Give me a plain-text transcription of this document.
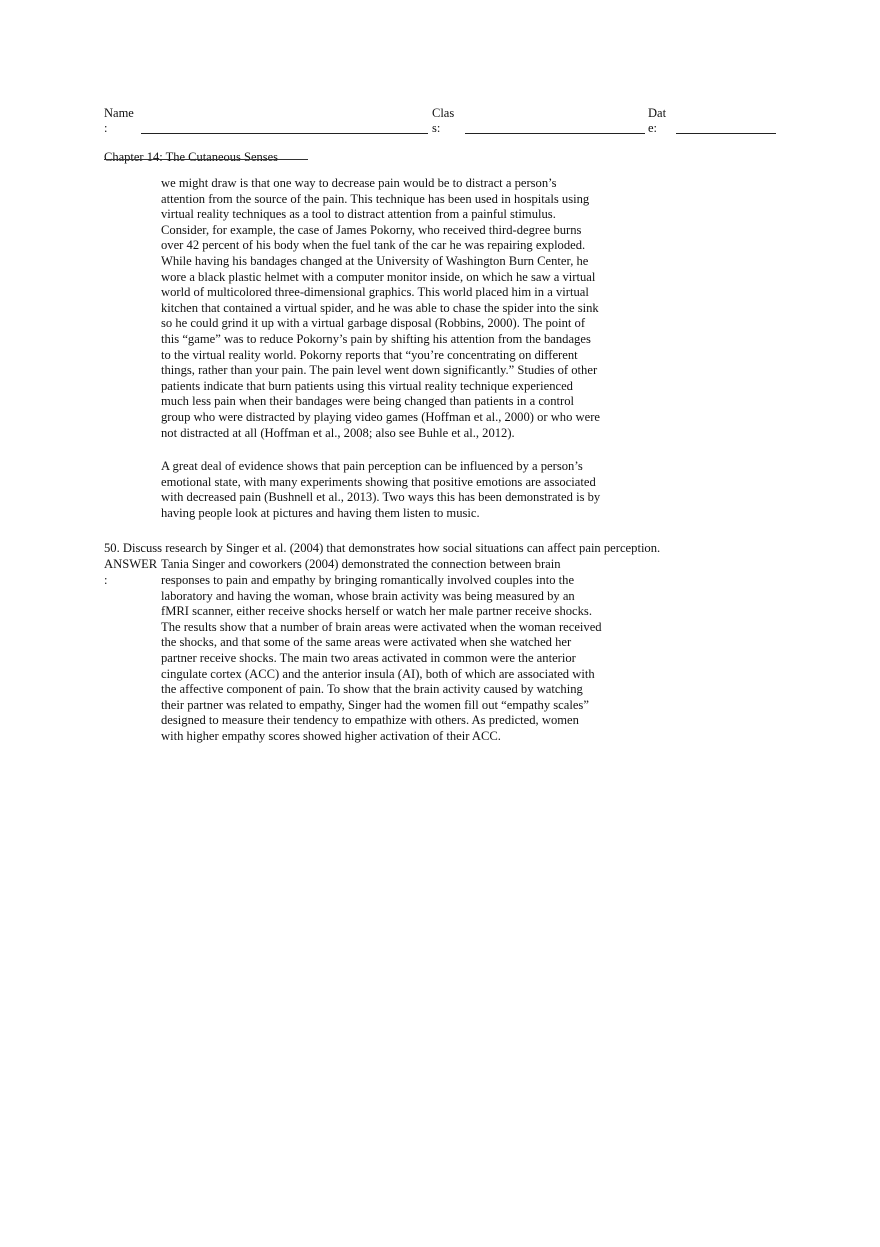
Name
:
Clas
s:
Dat
e:
Chapter 14: The Cutaneous Senses
we might draw is that one way to decrease pain would be to distract a person’s
attention from the source of the pain. This technique has been used in hospitals using
virtual reality techniques as a tool to distract attention from a painful stimulus.
Consider, for example, the case of James Pokorny, who received third-degree burns
over 42 percent of his body when the fuel tank of the car he was repairing exploded.
While having his bandages changed at the University of Washington Burn Center, he
wore a black plastic helmet with a computer monitor inside, on which he saw a virtual
world of multicolored three-dimensional graphics. This world placed him in a virtual
kitchen that contained a virtual spider, and he was able to chase the spider into the sink
so he could grind it up with a virtual garbage disposal (Robbins, 2000). The point of
this “game” was to reduce Pokorny’s pain by shifting his attention from the bandages
to the virtual reality world. Pokorny reports that “you’re concentrating on different
things, rather than your pain. The pain level went down significantly.” Studies of other
patients indicate that burn patients using this virtual reality technique experienced
much less pain when their bandages were being changed than patients in a control
group who were distracted by playing video games (Hoffman et al., 2000) or who were
not distracted at all (Hoffman et al., 2008; also see Buhle et al., 2012).
A great deal of evidence shows that pain perception can be influenced by a person’s
emotional state, with many experiments showing that positive emotions are associated
with decreased pain (Bushnell et al., 2013). Two ways this has been demonstrated is by
having people look at pictures and having them listen to music.
50. Discuss research by Singer et al. (2004) that demonstrates how social situations can affect pain perception.
ANSWER
:
Tania Singer and coworkers (2004) demonstrated the connection between brain
responses to pain and empathy by bringing romantically involved couples into the
laboratory and having the woman, whose brain activity was being measured by an
fMRI scanner, either receive shocks herself or watch her male partner receive shocks.
The results show that a number of brain areas were activated when the woman received
the shocks, and that some of the same areas were activated when she watched her
partner receive shocks. The main two areas activated in common were the anterior
cingulate cortex (ACC) and the anterior insula (AI), both of which are associated with
the affective component of pain. To show that the brain activity caused by watching
their partner was related to empathy, Singer had the women fill out “empathy scales”
designed to measure their tendency to empathize with others. As predicted, women
with higher empathy scores showed higher activation of their ACC.
